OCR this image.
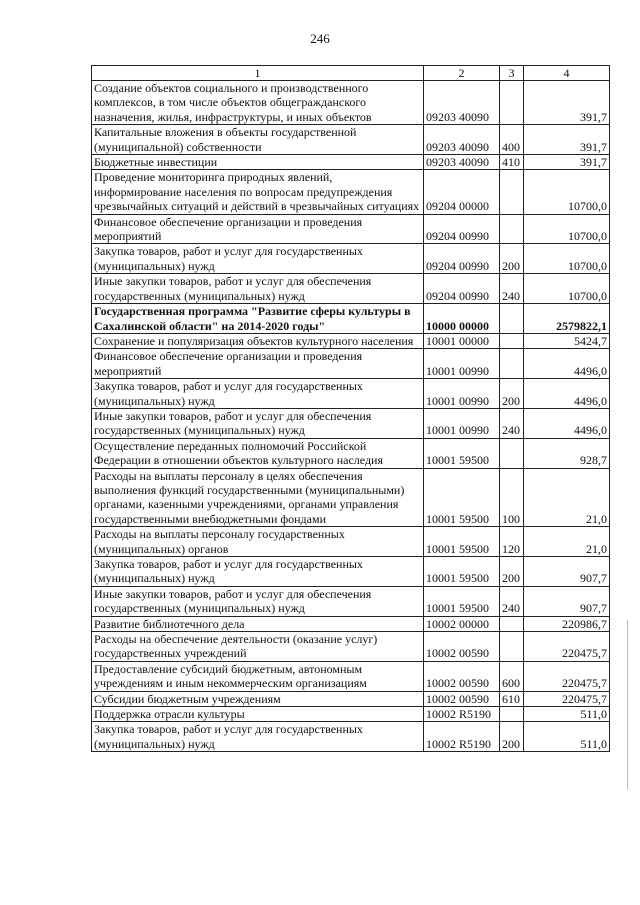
246
1	2	3	4
Создание объектов социального и производственного комплексов, в том числе объектов общегражданского назначения, жилья, инфраструктуры, и иных объектов	09203 40090		391,7
Капитальные вложения в объекты государственной (муниципальной) собственности	09203 40090	400	391,7
Бюджетные инвестиции	09203 40090	410	391,7
Проведение мониторинга природных явлений, информирование населения по вопросам предупреждения чрезвычайных ситуаций и действий в чрезвычайных ситуациях	09204 00000		10700,0
Финансовое обеспечение организации и проведения мероприятий	09204 00990		10700,0
Закупка товаров, работ и услуг для государственных (муниципальных) нужд	09204 00990	200	10700,0
Иные закупки товаров, работ и услуг для обеспечения государственных (муниципальных) нужд	09204 00990	240	10700,0
Государственная программа "Развитие сферы культуры в Сахалинской области" на 2014-2020 годы"	10000 00000		2579822,1
Сохранение и популяризация объектов культурного населения	10001 00000		5424,7
Финансовое обеспечение организации и проведения мероприятий	10001 00990		4496,0
Закупка товаров, работ и услуг для государственных (муниципальных) нужд	10001 00990	200	4496,0
Иные закупки товаров, работ и услуг для обеспечения государственных (муниципальных) нужд	10001 00990	240	4496,0
Осуществление переданных полномочий Российской Федерации в отношении объектов культурного наследия	10001 59500		928,7
Расходы на выплаты персоналу в целях обеспечения выполнения функций государственными (муниципальными) органами, казенными учреждениями, органами управления государственными внебюджетными фондами	10001 59500	100	21,0
Расходы на выплаты персоналу государственных (муниципальных) органов	10001 59500	120	21,0
Закупка товаров, работ и услуг для государственных (муниципальных) нужд	10001 59500	200	907,7
Иные закупки товаров, работ и услуг для обеспечения государственных (муниципальных) нужд	10001 59500	240	907,7
Развитие библиотечного дела	10002 00000		220986,7
Расходы на обеспечение деятельности (оказание услуг) государственных учреждений	10002 00590		220475,7
Предоставление субсидий бюджетным, автономным учреждениям и иным некоммерческим организациям	10002 00590	600	220475,7
Субсидии бюджетным учреждениям	10002 00590	610	220475,7
Поддержка отрасли культуры	10002 R5190		511,0
Закупка товаров, работ и услуг для государственных (муниципальных) нужд	10002 R5190	200	511,0
